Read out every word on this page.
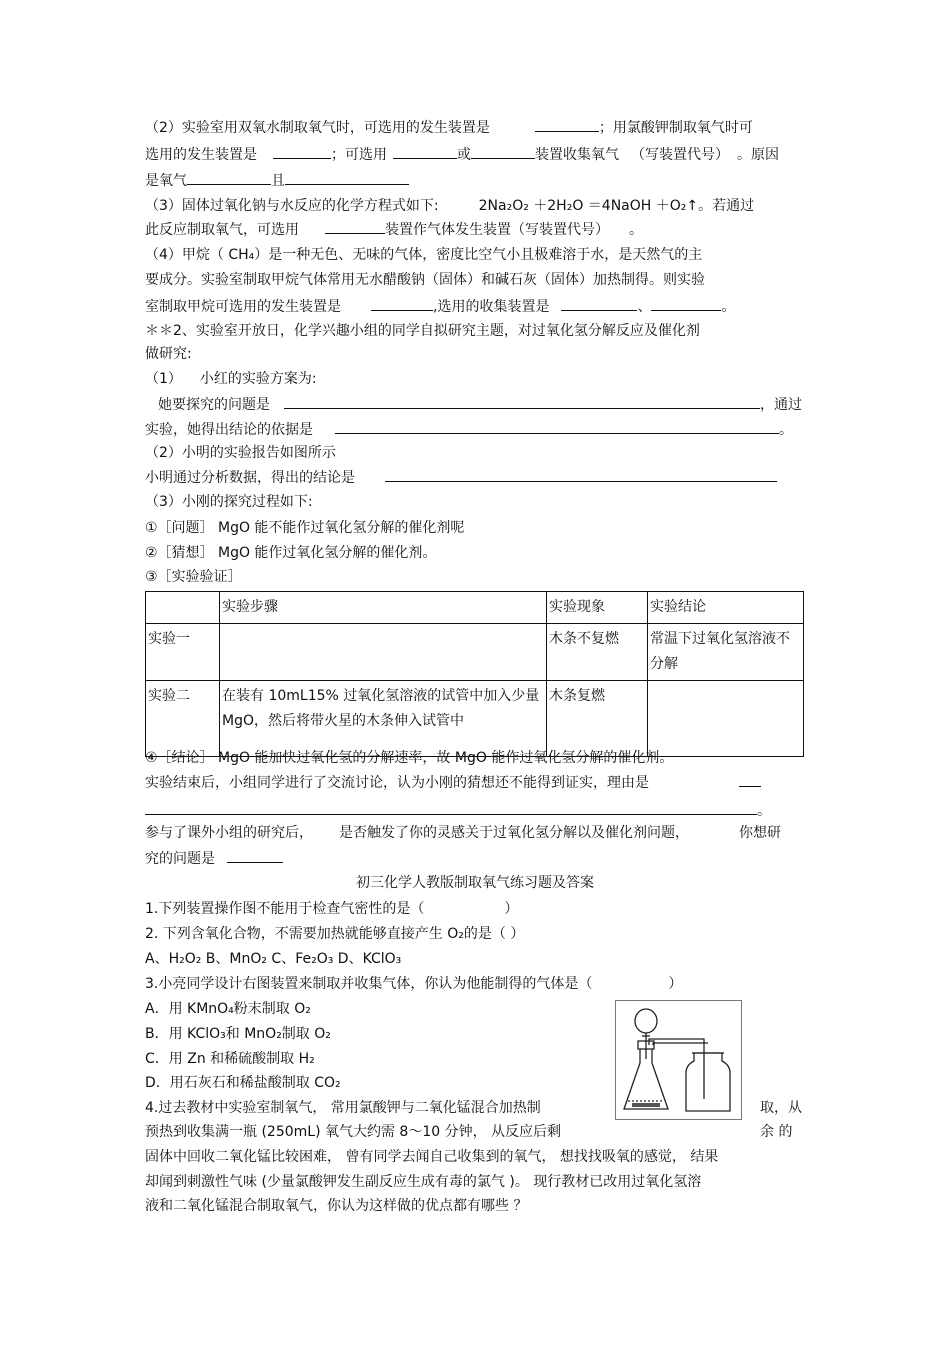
（2）实验室用双氧水制取氧气时，可选用的发生装置是	；用氯酸钾制取氧气时可
选用的发生装置是	；可选用	或	装置收集氧气 （写装置代号） 。原因
是氧气	且
（3）固体过氧化钠与水反应的化学方程式如下:	2Na₂O₂ ＋2H₂O ＝4NaOH ＋O₂↑。若通过
此反应制取氧气，可选用	装置作气体发生装置（写装置代号） 。
（4）甲烷（ CH₄）是一种无色、无味的气体，密度比空气小且极难溶于水，是天然气的主
要成分。实验室制取甲烷气体常用无水醋酸钠（固体）和碱石灰（固体）加热制得。则实验
室制取甲烷可选用的发生装置是	,选用的收集装置是	、	。
＊＊2、实验室开放日，化学兴趣小组的同学自拟研究主题，对过氧化氢分解反应及催化剂
做研究:
（1） 小红的实验方案为:
她要探究的问题是	，通过
实验，她得出结论的依据是	。
（2）小明的实验报告如图所示
小明通过分析数据，得出的结论是
（3）小刚的探究过程如下:
①［问题］ MgO 能不能作过氧化氢分解的催化剂呢
②［猜想］ MgO 能作过氧化氢分解的催化剂。
③［实验验证］
	实验步骤	实验现象	实验结论
实验一		木条不复燃	常温下过氧化氢溶液不分解
实验二	在装有 10mL15% 过氧化氢溶液的试管中加入少量 MgO，然后将带火星的木条伸入试管中	木条复燃	
④［结论］ MgO 能加快过氧化氢的分解速率，故 MgO 能作过氧化氢分解的催化剂。
实验结束后，小组同学进行了交流讨论，认为小刚的猜想还不能得到证实，理由是
。
参与了课外小组的研究后， 是否触发了你的灵感关于过氧化氢分解以及催化剂问题，	你想研
究的问题是
初三化学人教版制取氧气练习题及答案
1.下列装置操作图不能用于检查气密性的是（	）
2. 下列含氧化合物，不需要加热就能够直接产生 O₂的是（ ）
A、H₂O₂ B、MnO₂ C、Fe₂O₃ D、KClO₃
3.小亮同学设计右图装置来制取并收集气体，你认为他能制得的气体是（	）
A．用 KMnO₄粉末制取 O₂
B．用 KClO₃和 MnO₂制取 O₂
C．用 Zn 和稀硫酸制取 H₂
D．用石灰石和稀盐酸制取 CO₂
4.过去教材中实验室制氧气， 常用氯酸钾与二氧化锰混合加热制	取，从
预热到收集满一瓶 (250mL) 氧气大约需 8～10 分钟， 从反应后剩	余 的
固体中回收二氧化锰比较困难， 曾有同学去闻自己收集到的氧气， 想找找吸氧的感觉， 结果
却闻到刺激性气味 (少量氯酸钾发生副反应生成有毒的氯气 )。 现行教材已改用过氧化氢溶
液和二氧化锰混合制取氧气，你认为这样做的优点都有哪些 ？
